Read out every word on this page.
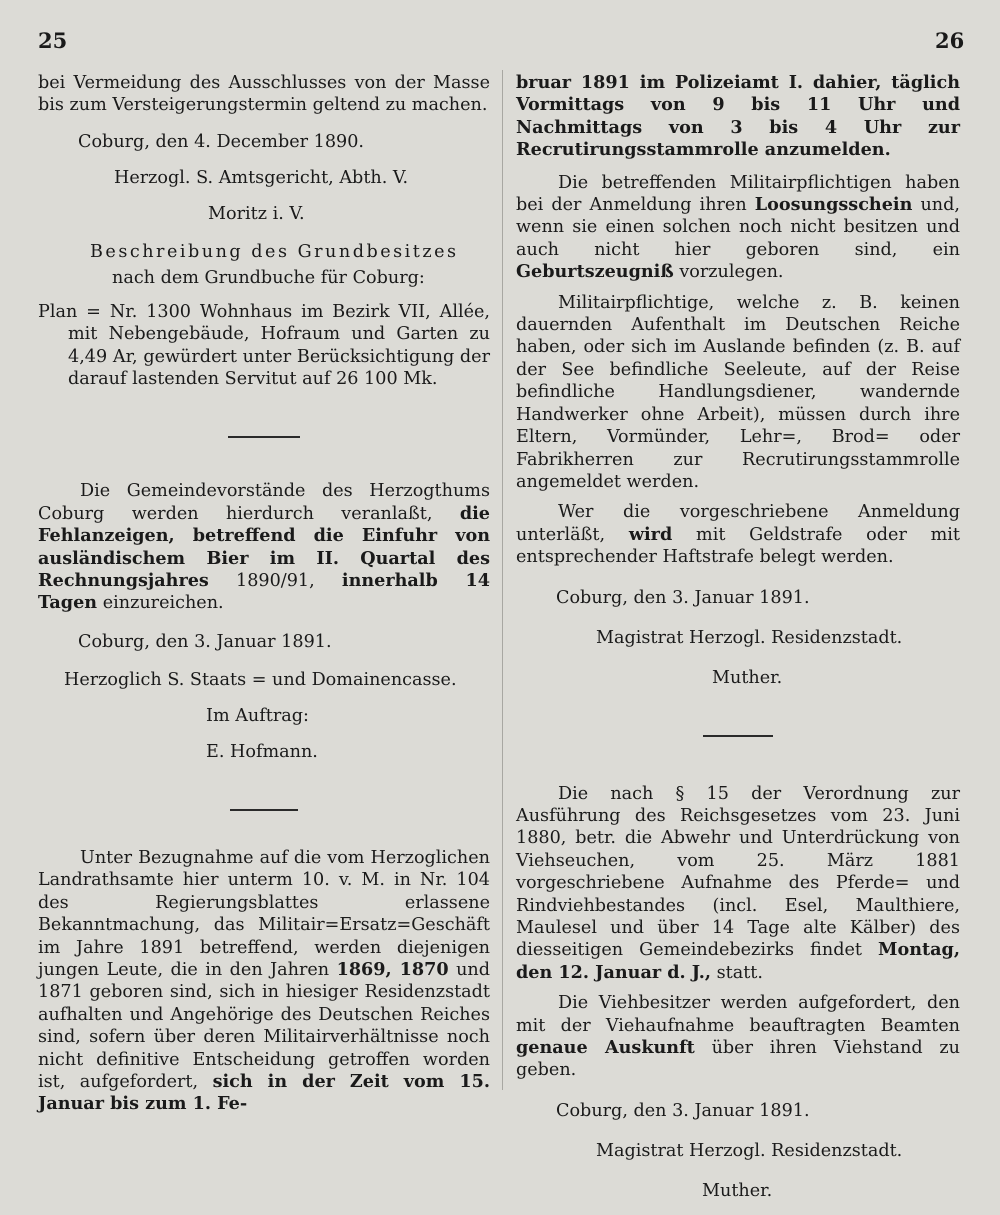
25	26

bei Vermeidung des Ausschlusses von der Masse bis zum Versteigerungstermin geltend zu machen.

Coburg, den 4. December 1890.

Herzogl. S. Amtsgericht, Abth. V.

Moritz i. V.

Beschreibung des Grundbesitzes

nach dem Grundbuche für Coburg:

Plan = Nr. 1300 Wohnhaus im Bezirk VII, Allée, mit Nebengebäude, Hofraum und Garten zu 4,49 Ar, gewürdert unter Berücksichtigung der darauf lastenden Servitut auf 26 100 Mk.

Die Gemeindevorstände des Herzogthums Coburg werden hierdurch veranlaßt, die Fehlanzeigen, betreffend die Einfuhr von ausländischem Bier im II. Quartal des Rechnungsjahres 1890/91, innerhalb 14 Tagen einzureichen.

Coburg, den 3. Januar 1891.

Herzoglich S. Staats = und Domainencasse.

Im Auftrag:

E. Hofmann.

Unter Bezugnahme auf die vom Herzoglichen Landrathsamte hier unterm 10. v. M. in Nr. 104 des Regierungsblattes erlassene Bekanntmachung, das Militair=Ersatz=Geschäft im Jahre 1891 betreffend, werden diejenigen jungen Leute, die in den Jahren 1869, 1870 und 1871 geboren sind, sich in hiesiger Residenzstadt aufhalten und Angehörige des Deutschen Reiches sind, sofern über deren Militairverhältnisse noch nicht definitive Entscheidung getroffen worden ist, aufgefordert, sich in der Zeit vom 15. Januar bis zum 1. Fe-

bruar 1891 im Polizeiamt I. dahier, täglich Vormittags von 9 bis 11 Uhr und Nachmittags von 3 bis 4 Uhr zur Recrutirungsstammrolle anzumelden.

Die betreffenden Militairpflichtigen haben bei der Anmeldung ihren Loosungsschein und, wenn sie einen solchen noch nicht besitzen und auch nicht hier geboren sind, ein Geburtszeugniß vorzulegen.

Militairpflichtige, welche z. B. keinen dauernden Aufenthalt im Deutschen Reiche haben, oder sich im Auslande befinden (z. B. auf der See befindliche Seeleute, auf der Reise befindliche Handlungsdiener, wandernde Handwerker ohne Arbeit), müssen durch ihre Eltern, Vormünder, Lehr=, Brod= oder Fabrikherren zur Recrutirungsstammrolle angemeldet werden.

Wer die vorgeschriebene Anmeldung unterläßt, wird mit Geldstrafe oder mit entsprechender Haftstrafe belegt werden.

Coburg, den 3. Januar 1891.

Magistrat Herzogl. Residenzstadt.

Muther.

Die nach § 15 der Verordnung zur Ausführung des Reichsgesetzes vom 23. Juni 1880, betr. die Abwehr und Unterdrückung von Viehseuchen, vom 25. März 1881 vorgeschriebene Aufnahme des Pferde= und Rindviehbestandes (incl. Esel, Maulthiere, Maulesel und über 14 Tage alte Kälber) des diesseitigen Gemeindebezirks findet Montag, den 12. Januar d. J., statt.

Die Viehbesitzer werden aufgefordert, den mit der Viehaufnahme beauftragten Beamten genaue Auskunft über ihren Viehstand zu geben.

Coburg, den 3. Januar 1891.

Magistrat Herzogl. Residenzstadt.

Muther.
